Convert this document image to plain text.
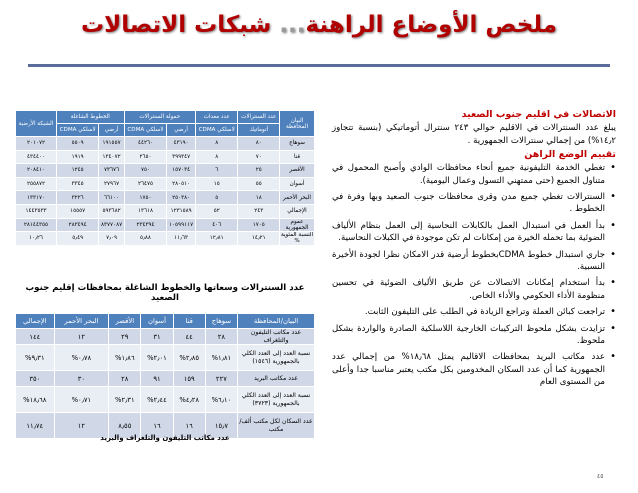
ملخص الأوضاع الراهنة... شبكات الاتصالات
البيان
المحافظة	عدد السنترالات	عدد معدات	حمولة السنترالات		الخطوط الشاغلة		الشبكة الأرضية
	أتوماتيك	لاسلكي CDMA	أرضي	لاسلكي CDMA	أرضي	لاسلكي CDMA	
سوهاج	٨٠	٨	٤٣١٩٠	٤٤٢٦٠	١٩١٥٥٧	٥٥٠٩	٢٠١٠٧٢
قنا	٧٠	٨	٣٩٩٣٤٧	٢٦٥٠	١٣٤٠٧٢	١٩١٩	٤٣٤٤٠٠
الأقصر	٢٥	٦	١٥٧٠٣٤	٧٥٠	٧٣٦٧٦	١٢٤٥	٢٠٨٤١٠
أسوان	٥٥	١٥	٢٨٠٥١٠	٢٦٤٧٥	٢٧٩٦٧	٣٣٤٥	٢٥٥٨٧٢
البحر الأحمر	١٨	٥	٢٥٠٣٨٠	١٧٥٠	٦٦١٠٠	٣٢٢٦	١٣٣١٧٠
الإجمالي	٢٤٣	٥٢	١٢٣١٥٨٩	١٣٦١٨	٥٩٣٦٨٢	١٥٥٥٧	١٤٤٣٥٣٣
عموم الجمهورية	١٧٠٥	٤٠٦	١٠٥٩٩١١٧	٢٣٤٣٩٤	٨٣٧٧٠٨٧	٢٨٣٤٩٤	٢٨١٤٤٣٥٥
النسبة المئوية %	١٤٫٢١	١٢٫٨١	١١٫٦٣	٥٫٨٨	٧٫٠٩	٥٫٤٩	١٠٫٢٦
عدد السنترالات وسعاتها والخطوط الشاغلة بمحافظات إقليم جنوب الصعيد
البيان/المحافظة	سوهاج	قنا	أسوان	الأقصر	البحر الأحمر	الإجمالي
عدد مكاتب التليفون والتلغراف	٢٨	٤٤	٣١	٢٩	١٢	١٤٤
نسبة العدد إلى العدد الكلي بالجمهورية (١٥٤٦)	١٫٨١%	٢٫٨٥%	٢٫٠١%	١٫٨٦%	٠٫٧٨%	٩٫٣١%
عدد مكاتب البريد	٢٢٧	١٥٩	٩١	٢٨	٣٠	٣٥٠
نسبة العدد إلى العدد الكلي بالجمهورية (٣٧٢٣)	٦٫١٠%	٤٫٢٨%	٢٫٤٤%	٢٫٣١%	٠٫٧١%	١٨٫٦٨%
عدد السكان لكل مكتب ألف/مكتب	١٥٫٧	١٦	١٦	٨٫٥٥	١٢	١١٫٧٤
عدد مكاتب التليفون والتلغراف والبريد
الاتصالات في اقليم جنوب الصعيد

يبلغ عدد السنترالات في الاقليم حوالي ٢٤٣ سنترال أتوماتيكي (بنسبة تتجاوز ١٤٫٢%) من إجمالي سنترالات الجمهورية .

تقييم الوضع الراهن
• تغطي الخدمة التليفونية جميع أنحاء محافظات الوادي وأصبح المحمول في متناول الجميع (حتى ممتهني التسول وعمال اليومية).
• السنترالات تغطي جميع مدن وقرى محافظات جنوب الصعيد وبها وفرة في الخطوط .
• بدأ العمل في استبدال العمل بالكابلات النحاسية إلى العمل بنظام الألياف الضوئية بما تحمله الخيرة من إمكانات لم تكن موجودة في الكبلات النحاسية.
• جاري استبدال خطوط CDMAبخطوط أرضية قدر الامكان نظرا لجودة الأخيرة النسبية.
• بدأ استخدام إمكانات الاتصالات عن طريق الألياف الضوئية في تحسين منظومة الأداء الحكومي والأداء الخاص.
• تراجعت كبائن العملة وتراجع الزيادة في الطلب على التليفون الثابت.
• تزايدت بشكل ملحوظ التركيبات الخارجية اللاسلكية الصادرة والواردة بشكل ملحوظ.
• عدد مكاتب البريد بمحافظات الاقاليم يمثل ١٨٫٦٨% من إجمالي عدد الجمهورية كما أن عدد السكان المخدومين بكل مكتب يعتبر مناسبا جدا وأعلى من المستوى العام
٤٥
